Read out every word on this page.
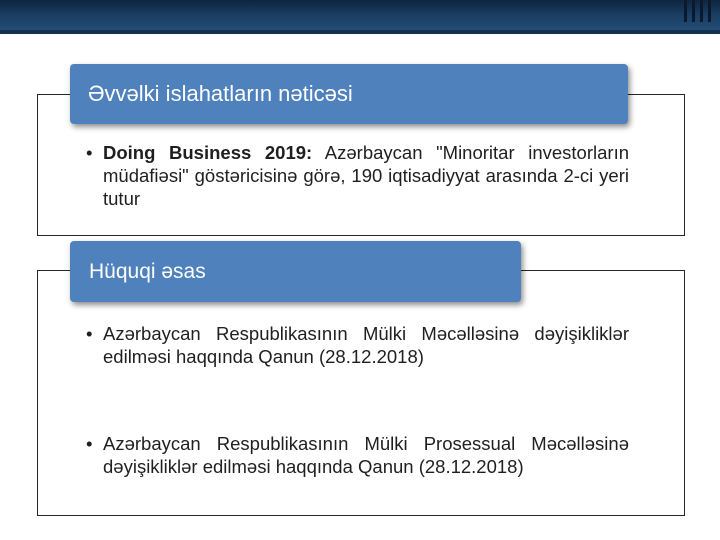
Əvvəlki islahatların nəticəsi
• Doing Business 2019: Azərbaycan "Minoritar investorların müdafiəsi" göstəricisinə görə, 190 iqtisadiyyat arasında 2-ci yeri tutur
Hüquqi əsas
• Azərbaycan Respublikasının Mülki Məcəlləsinə dəyişikliklər edilməsi haqqında Qanun (28.12.2018)
• Azərbaycan Respublikasının Mülki Prosessual Məcəlləsinə dəyişikliklər edilməsi haqqında Qanun (28.12.2018)
